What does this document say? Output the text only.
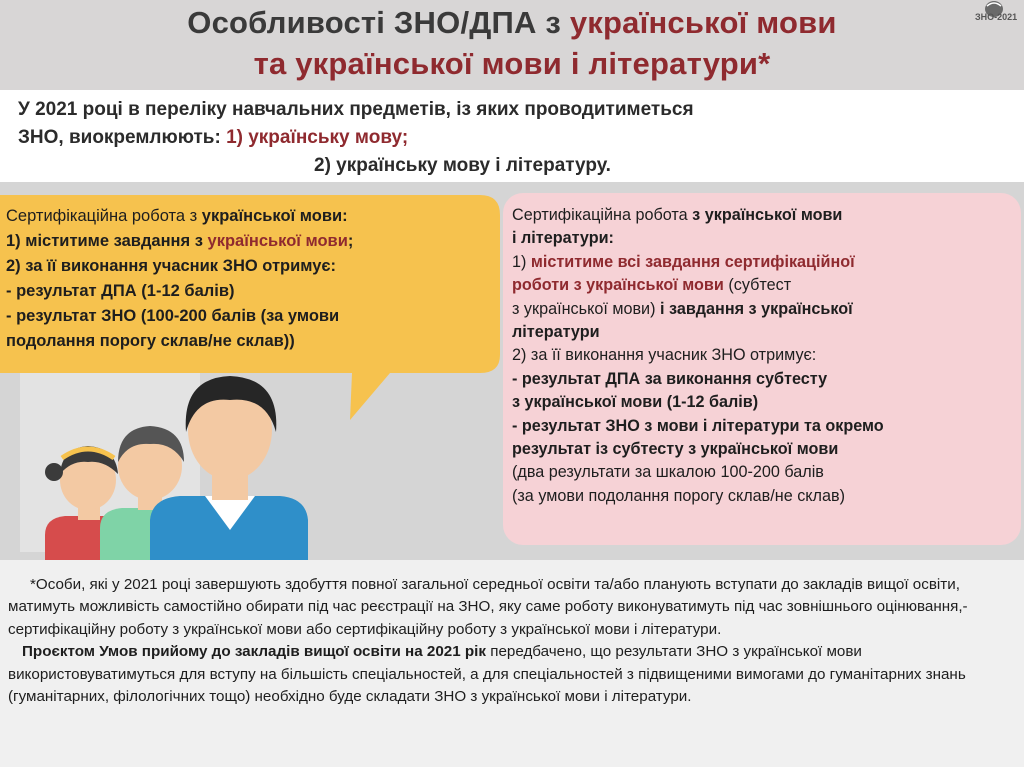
Особливості ЗНО/ДПА з української мови
та української мови і літератури*
ЗНО-2021

У 2021 році в переліку навчальних предметів, із яких проводитиметься

ЗНО, виокремлюють: 1) українську мову;

2) українську мову і літературу.

Сертифікаційна робота з української мови:
1) міститиме завдання з української мови;
2) за її виконання учасник ЗНО отримує:
- результат ДПА (1-12 балів)
- результат ЗНО (100-200 балів (за умови
подолання порогу склав/не склав))
Сертифікаційна робота з української мови
і літератури:
1) міститиме всі завдання сертифікаційної
роботи з української мови (субтест
з української мови) і завдання з української
літератури
2) за її виконання учасник ЗНО отримує:
- результат ДПА за виконання субтесту
з української мови (1-12 балів)
- результат ЗНО з мови і літератури та окремо
результат із субтесту з української мови
(два результати за шкалою 100-200 балів
(за умови подолання порогу склав/не склав)

*Особи, які у 2021 році завершують здобуття повної загальної середньої освіти та/або планують вступати до закладів вищої освіти, матимуть можливість самостійно обирати під час реєстрації на ЗНО, яку саме роботу виконуватимуть під час зовнішнього оцінювання,- сертифікаційну роботу з української мови або сертифікаційну роботу з української мови і літератури.

Проєктом Умов прийому до закладів вищої освіти на 2021 рік передбачено, що результати ЗНО з української мови використовуватимуться для вступу на більшість спеціальностей, а для спеціальностей з підвищеними вимогами до гуманітарних знань (гуманітарних, філологічних тощо) необхідно буде складати ЗНО з української мови і літератури.
